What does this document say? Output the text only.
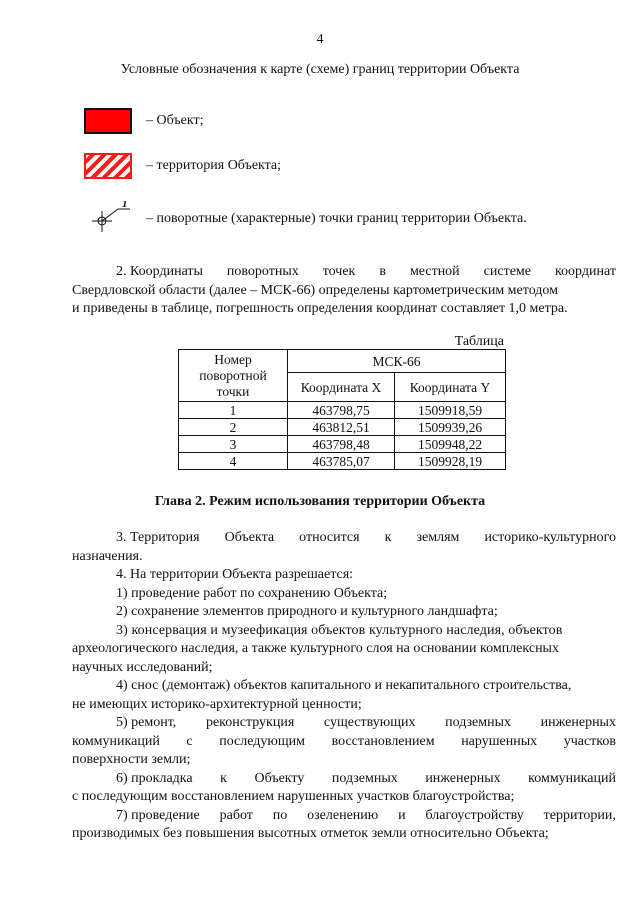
4
Условные обозначения к карте (схеме) границ территории Объекта
– Объект;
– территория Объекта;
1
– поворотные (характерные) точки границ территории Объекта.
2. Координаты поворотных точек в местной системе координат
Свердловской области (далее – МСК-66) определены картометрическим методом
и приведены в таблице, погрешность определения координат составляет 1,0 метра.
Таблица
Номер
поворотной
точки	МСК-66	
	Координата X	Координата Y
1	463798,75	1509918,59
2	463812,51	1509939,26
3	463798,48	1509948,22
4	463785,07	1509928,19
Глава 2. Режим использования территории Объекта
3. Территория Объекта относится к землям историко-культурного
назначения.
4. На территории Объекта разрешается:
1) проведение работ по сохранению Объекта;
2) сохранение элементов природного и культурного ландшафта;
3) консервация и музеефикация объектов культурного наследия, объектов
археологического наследия, а также культурного слоя на основании комплексных
научных исследований;
4) снос (демонтаж) объектов капитального и некапитального строительства,
не имеющих историко-архитектурной ценности;
5) ремонт, реконструкция существующих подземных инженерных
коммуникаций с последующим восстановлением нарушенных участков
поверхности земли;
6) прокладка к Объекту подземных инженерных коммуникаций
с последующим восстановлением нарушенных участков благоустройства;
7) проведение работ по озеленению и благоустройству территории,
производимых без повышения высотных отметок земли относительно Объекта;
